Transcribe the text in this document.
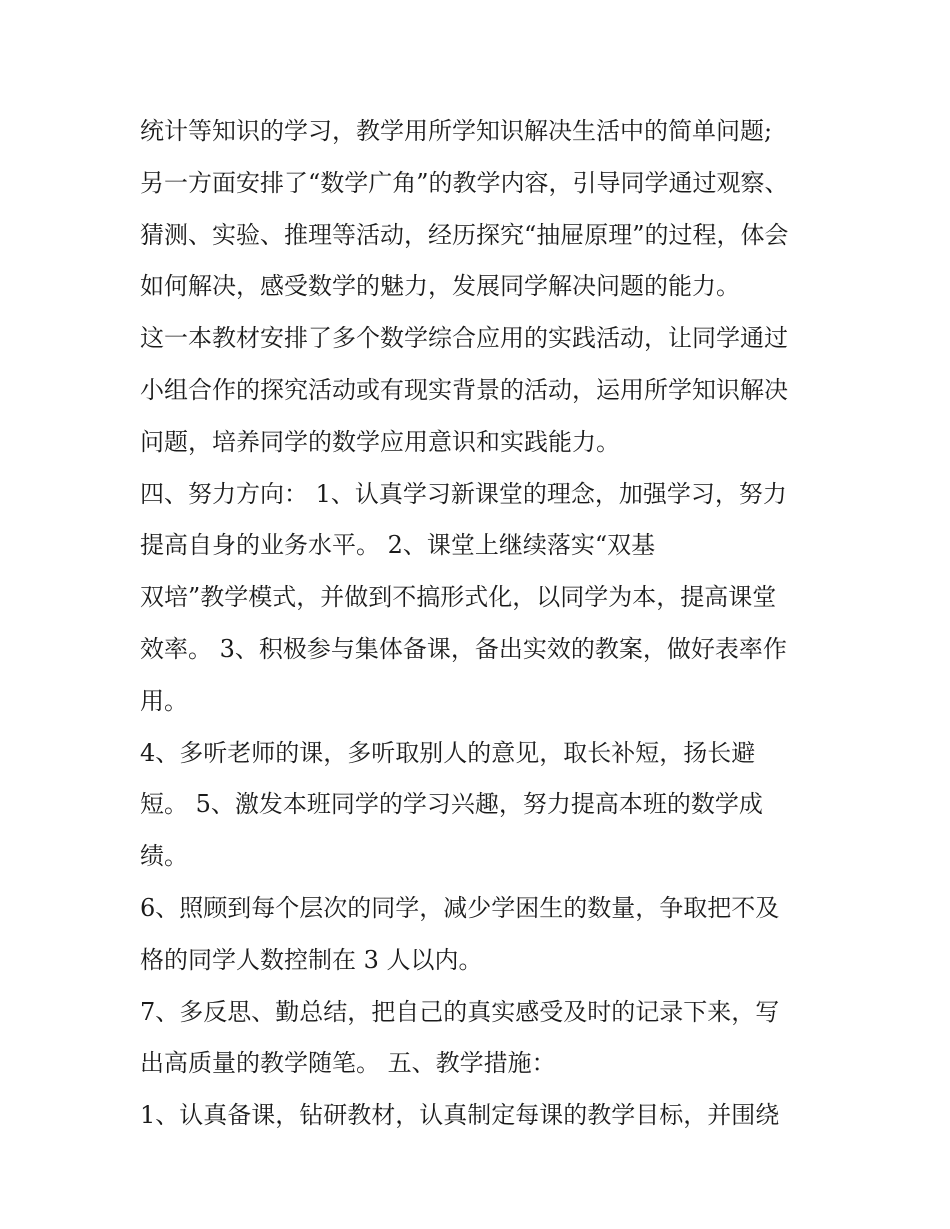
统计等知识的学习，教学用所学知识解决生活中的简单问题;
另一方面安排了“数学广角”的教学内容，引导同学通过观察、
猜测、实验、推理等活动，经历探究“抽屉原理”的过程，体会
如何解决，感受数学的魅力，发展同学解决问题的能力。
这一本教材安排了多个数学综合应用的实践活动，让同学通过
小组合作的探究活动或有现实背景的活动，运用所学知识解决
问题，培养同学的数学应用意识和实践能力。
四、努力方向： 1、认真学习新课堂的理念，加强学习，努力
提高自身的业务水平。 2、课堂上继续落实“双基
双培”教学模式，并做到不搞形式化，以同学为本，提高课堂
效率。 3、积极参与集体备课，备出实效的教案，做好表率作
用。
4、多听老师的课，多听取别人的意见，取长补短，扬长避
短。 5、激发本班同学的学习兴趣，努力提高本班的数学成
绩。
6、照顾到每个层次的同学，减少学困生的数量，争取把不及
格的同学人数控制在 3 人以内。
7、多反思、勤总结，把自己的真实感受及时的记录下来，写
出高质量的教学随笔。 五、教学措施：
1、认真备课，钻研教材，认真制定每课的教学目标，并围绕
